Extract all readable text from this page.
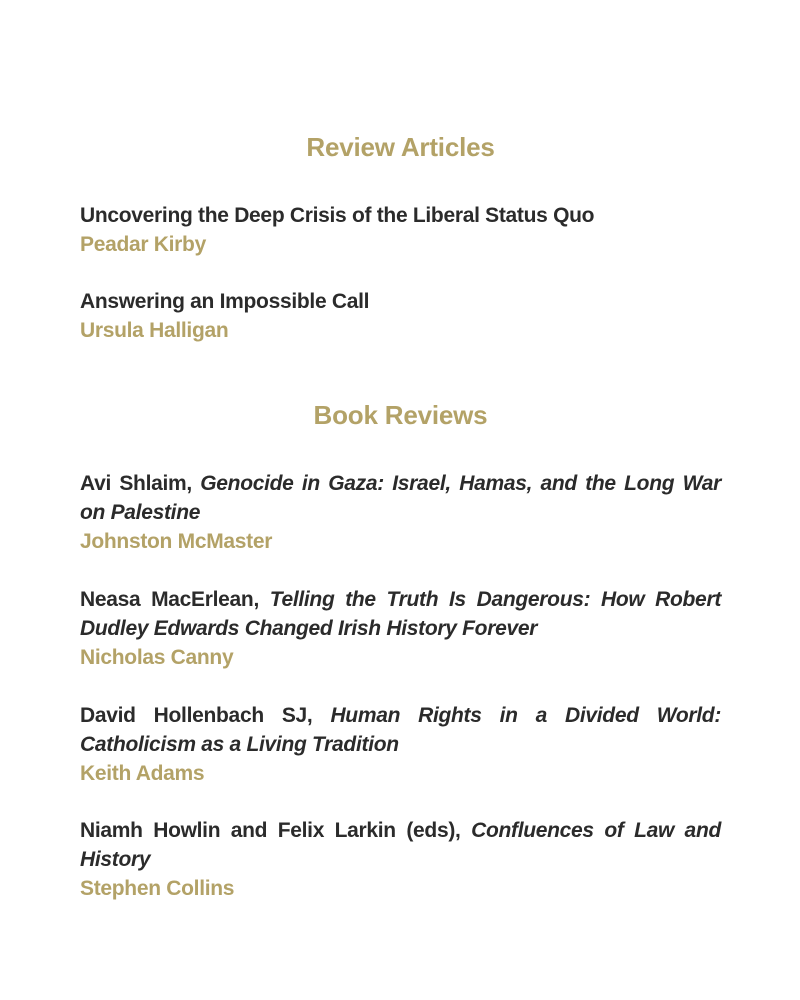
Review Articles

Uncovering the Deep Crisis of the Liberal Status Quo

Peadar Kirby

Answering an Impossible Call

Ursula Halligan

Book Reviews

Avi Shlaim, Genocide in Gaza: Israel, Hamas, and the Long War on Palestine

Johnston McMaster

Neasa MacErlean, Telling the Truth Is Dangerous: How Robert Dudley Edwards Changed Irish History Forever

Nicholas Canny

David Hollenbach SJ, Human Rights in a Divided World: Catholicism as a Living Tradition

Keith Adams

Niamh Howlin and Felix Larkin (eds), Confluences of Law and History

Stephen Collins
